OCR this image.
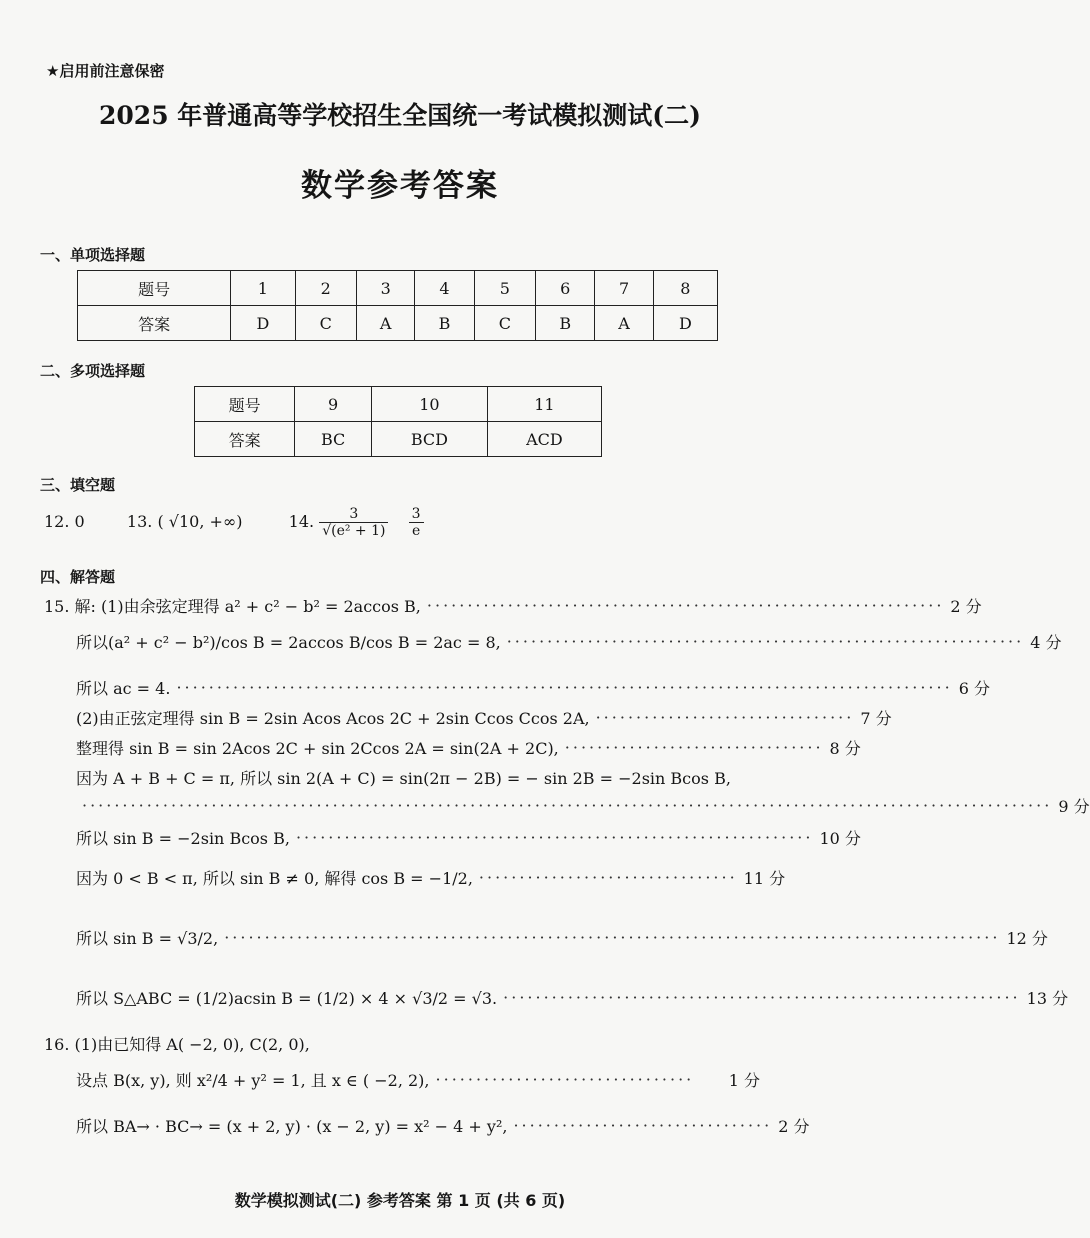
★启用前注意保密
2025 年普通高等学校招生全国统一考试模拟测试(二)
数学参考答案
一、单项选择题
题号	1	2	3	4	5	6	7	8
答案	D	C	A	B	C	B	A	D
二、多项选择题
题号	9	10	11
答案	BC	BCD	ACD
三、填空题
12. 0	13. ( √10, +∞)	14. $\frac{3}{\text{√(e² + 1)}}$
$\frac{3}{e}$
四、解答题
15. 解: (1)由余弦定理得 a² + c² − b² = 2accos B, ································································ 2 分
所以(a² + c² − b²)/cos B = 2accos B/cos B = 2ac = 8, ································································ 4 分
所以 ac = 4. ································································································ 6 分
(2)由正弦定理得 sin B = 2sin Acos Acos 2C + 2sin Ccos Ccos 2A, ································ 7 分
整理得 sin B = sin 2Acos 2C + sin 2Ccos 2A = sin(2A + 2C), ································ 8 分
因为 A + B + C = π, 所以 sin 2(A + C) = sin(2π − 2B) = − sin 2B = −2sin Bcos B,
························································································································ 9 分
所以 sin B = −2sin Bcos B, ································································ 10 分
因为 0 < B < π, 所以 sin B ≠ 0, 解得 cos B = −1/2, ································ 11 分
所以 sin B = √3/2, ································································································ 12 分
所以 S△ABC = (1/2)acsin B = (1/2) × 4 × √3/2 = √3. ································································ 13 分
16. (1)由已知得 A( −2, 0), C(2, 0),
设点 B(x, y), 则 x²/4 + y² = 1, 且 x ∈ ( −2, 2), ································	1 分
所以 BA→ · BC→ = (x + 2, y) · (x − 2, y) = x² − 4 + y², ································ 2 分
数学模拟测试(二) 参考答案 第 1 页 (共 6 页)
